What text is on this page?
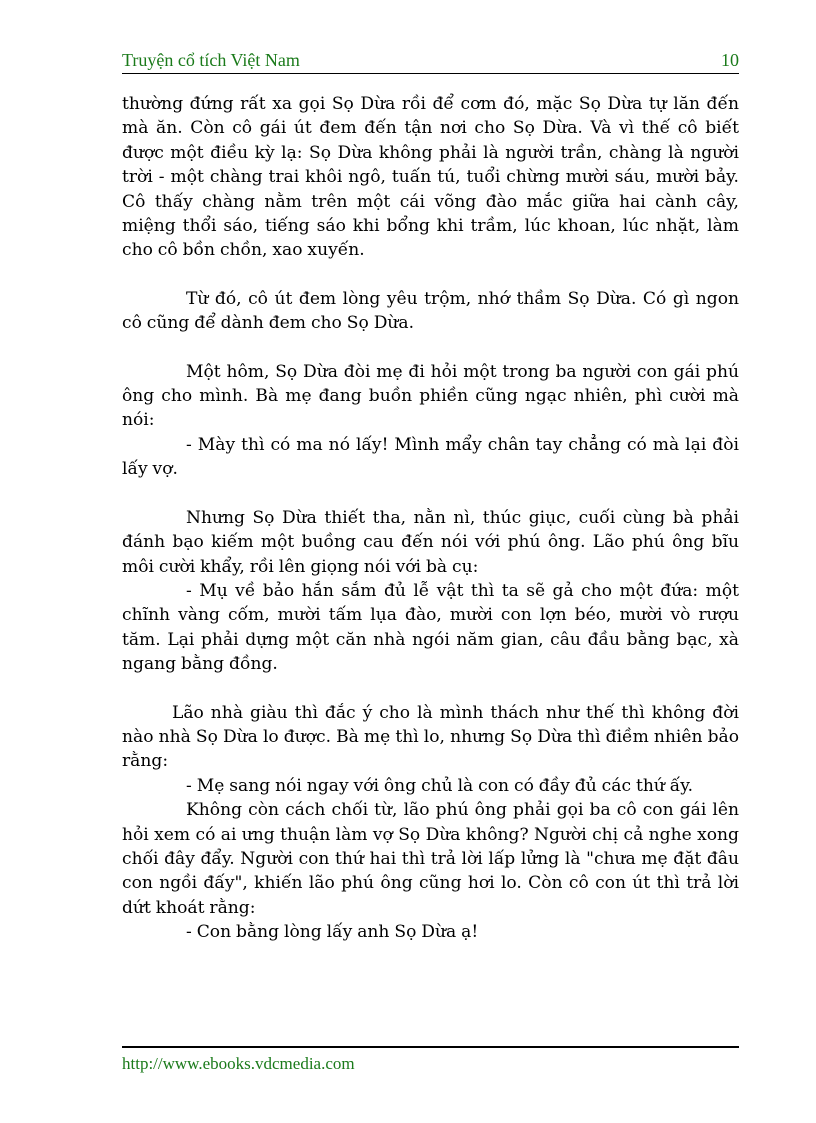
Truyện cổ tích Việt Nam	10

thường đứng rất xa gọi Sọ Dừa rồi để cơm đó, mặc Sọ Dừa tự lăn đến mà ăn. Còn cô gái út đem đến tận nơi cho Sọ Dừa. Và vì thế cô biết được một điều kỳ lạ: Sọ Dừa không phải là người trần, chàng là người trời - một chàng trai khôi ngô, tuấn tú, tuổi chừng mười sáu, mười bảy. Cô thấy chàng nằm trên một cái võng đào mắc giữa hai cành cây, miệng thổi sáo, tiếng sáo khi bổng khi trầm, lúc khoan, lúc nhặt, làm cho cô bồn chồn, xao xuyến.

Từ đó, cô út đem lòng yêu trộm, nhớ thầm Sọ Dừa. Có gì ngon cô cũng để dành đem cho Sọ Dừa.

Một hôm, Sọ Dừa đòi mẹ đi hỏi một trong ba người con gái phú ông cho mình. Bà mẹ đang buồn phiền cũng ngạc nhiên, phì cười mà nói:

- Mày thì có ma nó lấy! Mình mẩy chân tay chẳng có mà lại đòi lấy vợ.

Nhưng Sọ Dừa thiết tha, nằn nì, thúc giục, cuối cùng bà phải đánh bạo kiếm một buồng cau đến nói với phú ông. Lão phú ông bĩu môi cười khẩy, rồi lên giọng nói với bà cụ:

- Mụ về bảo hắn sắm đủ lễ vật thì ta sẽ gả cho một đứa: một chĩnh vàng cốm, mười tấm lụa đào, mười con lợn béo, mười vò rượu tăm. Lại phải dựng một căn nhà ngói năm gian, câu đầu bằng bạc, xà ngang bằng đồng.

Lão nhà giàu thì đắc ý cho là mình thách như thế thì không đời nào nhà Sọ Dừa lo được. Bà mẹ thì lo, nhưng Sọ Dừa thì điềm nhiên bảo rằng:

- Mẹ sang nói ngay với ông chủ là con có đầy đủ các thứ ấy.

Không còn cách chối từ, lão phú ông phải gọi ba cô con gái lên hỏi xem có ai ưng thuận làm vợ Sọ Dừa không? Người chị cả nghe xong chối đây đẩy. Người con thứ hai thì trả lời lấp lửng là "chưa mẹ đặt đâu con ngồi đấy", khiến lão phú ông cũng hơi lo. Còn cô con út thì trả lời dứt khoát rằng:

- Con bằng lòng lấy anh Sọ Dừa ạ!

http://www.ebooks.vdcmedia.com
